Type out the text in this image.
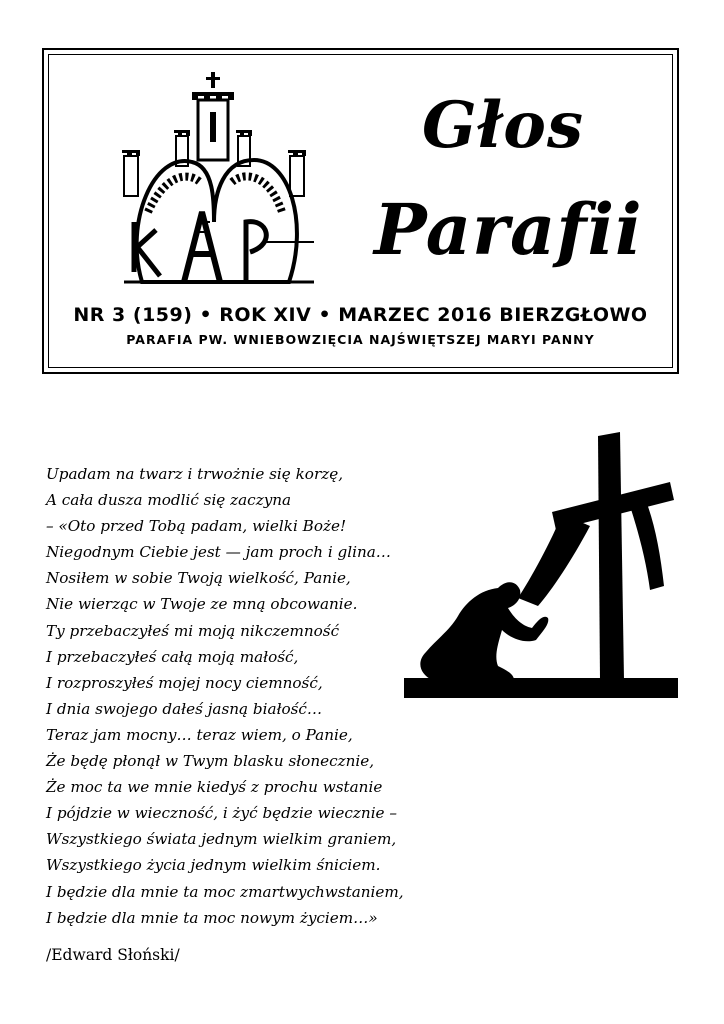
Głos
Parafii
NR 3 (159) • ROK XIV • MARZEC 2016 BIERZGŁOWO
PARAFIA PW. WNIEBOWZIĘCIA NAJŚWIĘTSZEJ MARYI PANNY
Upadam na twarz i trwożnie się korzę,
A cała dusza modlić się zaczyna
– «Oto przed Tobą padam, wielki Boże!
Niegodnym Ciebie jest — jam proch i glina…
Nosiłem w sobie Twoją wielkość, Panie,
Nie wierząc w Twoje ze mną obcowanie.
Ty przebaczyłeś mi moją nikczemność
I przebaczyłeś całą moją małość,
I rozproszyłeś mojej nocy ciemność,
I dnia swojego dałeś jasną białość…
Teraz jam mocny… teraz wiem, o Panie,
Że będę płonął w Twym blasku słonecznie,
Że moc ta we mnie kiedyś z prochu wstanie
I pójdzie w wieczność, i żyć będzie wiecznie –
Wszystkiego świata jednym wielkim graniem,
Wszystkiego życia jednym wielkim śniciem.
I będzie dla mnie ta moc zmartwychwstaniem,
I będzie dla mnie ta moc nowym życiem…»
/Edward Słoński/
